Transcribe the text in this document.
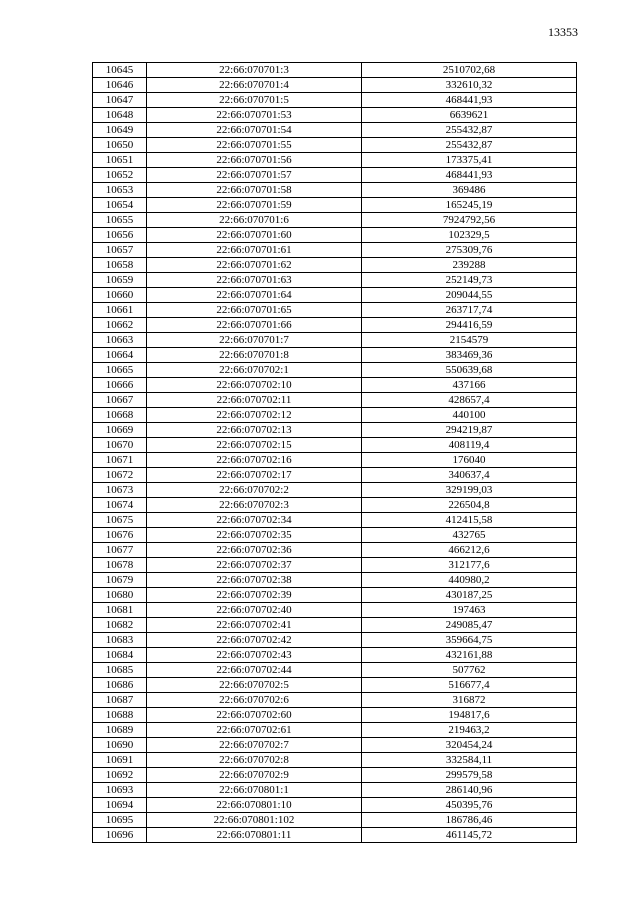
13353
10645	22:66:070701:3	2510702,68
10646	22:66:070701:4	332610,32
10647	22:66:070701:5	468441,93
10648	22:66:070701:53	6639621
10649	22:66:070701:54	255432,87
10650	22:66:070701:55	255432,87
10651	22:66:070701:56	173375,41
10652	22:66:070701:57	468441,93
10653	22:66:070701:58	369486
10654	22:66:070701:59	165245,19
10655	22:66:070701:6	7924792,56
10656	22:66:070701:60	102329,5
10657	22:66:070701:61	275309,76
10658	22:66:070701:62	239288
10659	22:66:070701:63	252149,73
10660	22:66:070701:64	209044,55
10661	22:66:070701:65	263717,74
10662	22:66:070701:66	294416,59
10663	22:66:070701:7	2154579
10664	22:66:070701:8	383469,36
10665	22:66:070702:1	550639,68
10666	22:66:070702:10	437166
10667	22:66:070702:11	428657,4
10668	22:66:070702:12	440100
10669	22:66:070702:13	294219,87
10670	22:66:070702:15	408119,4
10671	22:66:070702:16	176040
10672	22:66:070702:17	340637,4
10673	22:66:070702:2	329199,03
10674	22:66:070702:3	226504,8
10675	22:66:070702:34	412415,58
10676	22:66:070702:35	432765
10677	22:66:070702:36	466212,6
10678	22:66:070702:37	312177,6
10679	22:66:070702:38	440980,2
10680	22:66:070702:39	430187,25
10681	22:66:070702:40	197463
10682	22:66:070702:41	249085,47
10683	22:66:070702:42	359664,75
10684	22:66:070702:43	432161,88
10685	22:66:070702:44	507762
10686	22:66:070702:5	516677,4
10687	22:66:070702:6	316872
10688	22:66:070702:60	194817,6
10689	22:66:070702:61	219463,2
10690	22:66:070702:7	320454,24
10691	22:66:070702:8	332584,11
10692	22:66:070702:9	299579,58
10693	22:66:070801:1	286140,96
10694	22:66:070801:10	450395,76
10695	22:66:070801:102	186786,46
10696	22:66:070801:11	461145,72
